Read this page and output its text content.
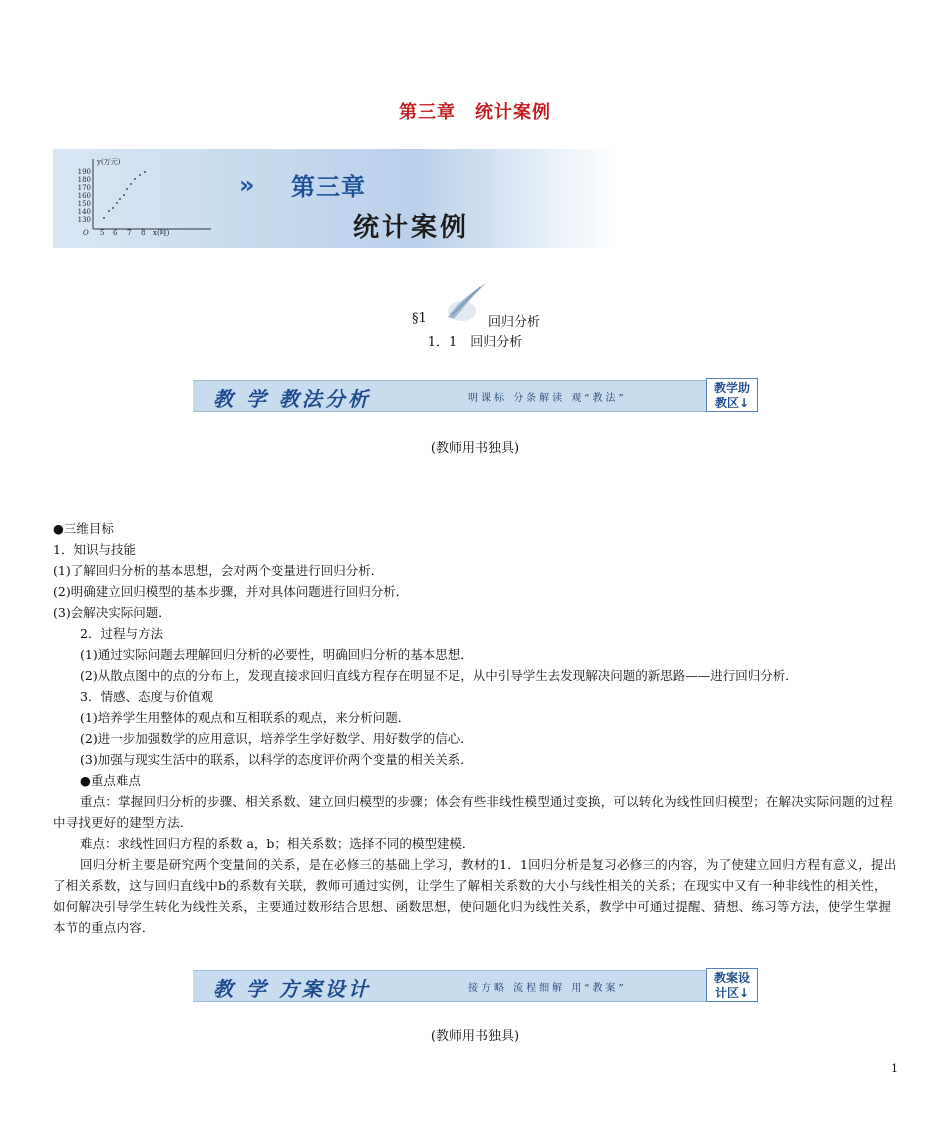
第三章　统计案例
y(万元)
190
180
170
160
150
140
130
O 5 6 7 8 x(吨)
» 第三章
统计案例
§1	回归分析
1．1　回归分析
教 学 教法分析	明课标 分条解读 观“教法”
教学助
教区↓
(教师用书独具)

●三维目标

1．知识与技能

(1)了解回归分析的基本思想，会对两个变量进行回归分析．

(2)明确建立回归模型的基本步骤，并对具体问题进行回归分析．

(3)会解决实际问题．

2．过程与方法

(1)通过实际问题去理解回归分析的必要性，明确回归分析的基本思想．

(2)从散点图中的点的分布上，发现直接求回归直线方程存在明显不足，从中引导学生去发现解决问题的新思路——进行回归分析．

3．情感、态度与价值观

(1)培养学生用整体的观点和互相联系的观点，来分析问题．

(2)进一步加强数学的应用意识，培养学生学好数学、用好数学的信心．

(3)加强与现实生活中的联系，以科学的态度评价两个变量的相关关系．

●重点难点

重点：掌握回归分析的步骤、相关系数、建立回归模型的步骤；体会有些非线性模型通过变换，可以转化为线性回归模型；在解决实际问题的过程中寻找更好的建型方法．

难点：求线性回归方程的系数 a，b；相关系数；选择不同的模型建模．

回归分析主要是研究两个变量间的关系，是在必修三的基础上学习，教材的1．1回归分析是复习必修三的内容，为了使建立回归方程有意义，提出了相关系数，这与回归直线中b的系数有关联，教师可通过实例，让学生了解相关系数的大小与线性相关的关系；在现实中又有一种非线性的相关性，如何解决引导学生转化为线性关系，主要通过数形结合思想、函数思想，使问题化归为线性关系，教学中可通过提醒、猜想、练习等方法，使学生掌握本节的重点内容．

教 学 方案设计	接方略 流程细解 用“教案”
教案设
计区↓
(教师用书独具)
1
